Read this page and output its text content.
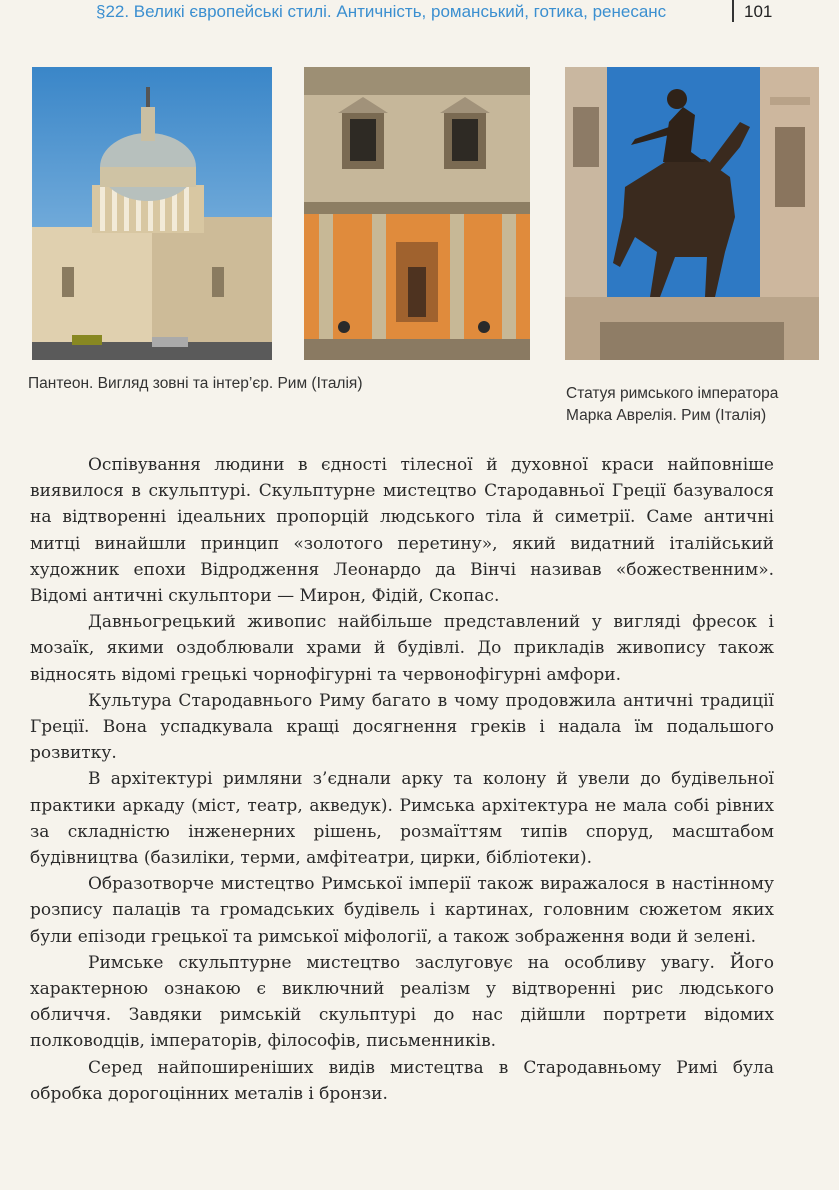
§22. Великі європейські стилі. Античність, романський, готика, ренесанс	101
Пантеон. Вигляд зовні та інтер’єр. Рим (Італія)
Статуя римського імператора
Марка Аврелія. Рим (Італія)

Оспівування людини в єдності тілесної й духовної краси найповніше виявилося в скульптурі. Скульптурне мистецтво Стародавньої Греції базувалося на відтворенні ідеальних пропорцій людського тіла й симетрії. Саме античні митці винайшли принцип «золотого перетину», який видатний італійський художник епохи Відродження Леонардо да Вінчі називав «божественним». Відомі античні скульптори — Мирон, Фідій, Скопас.

Давньогрецький живопис найбільше представлений у вигляді фресок і мозаїк, якими оздоблювали храми й будівлі. До прикладів живопису також відносять відомі грецькі чорнофігурні та червонофігурні амфори.

Культура Стародавнього Риму багато в чому продовжила античні традиції Греції. Вона успадкувала кращі досягнення греків і надала їм подальшого розвитку.

В архітектурі римляни з’єднали арку та колону й увели до будівельної практики аркаду (міст, театр, акведук). Римська архітектура не мала собі рівних за складністю інженерних рішень, розмаїттям типів споруд, масштабом будівництва (базиліки, терми, амфітеатри, цирки, бібліотеки).

Образотворче мистецтво Римської імперії також виражалося в настінному розпису палаців та громадських будівель і картинах, головним сюжетом яких були епізоди грецької та римської міфології, а також зображення води й зелені.

Римське скульптурне мистецтво заслуговує на особливу увагу. Його характерною ознакою є виключний реалізм у відтворенні рис людського обличчя. Завдяки римській скульптурі до нас дійшли портрети відомих полководців, імператорів, філософів, письменників.

Серед найпоширеніших видів мистецтва в Стародавньому Римі була обробка дорогоцінних металів і бронзи.
